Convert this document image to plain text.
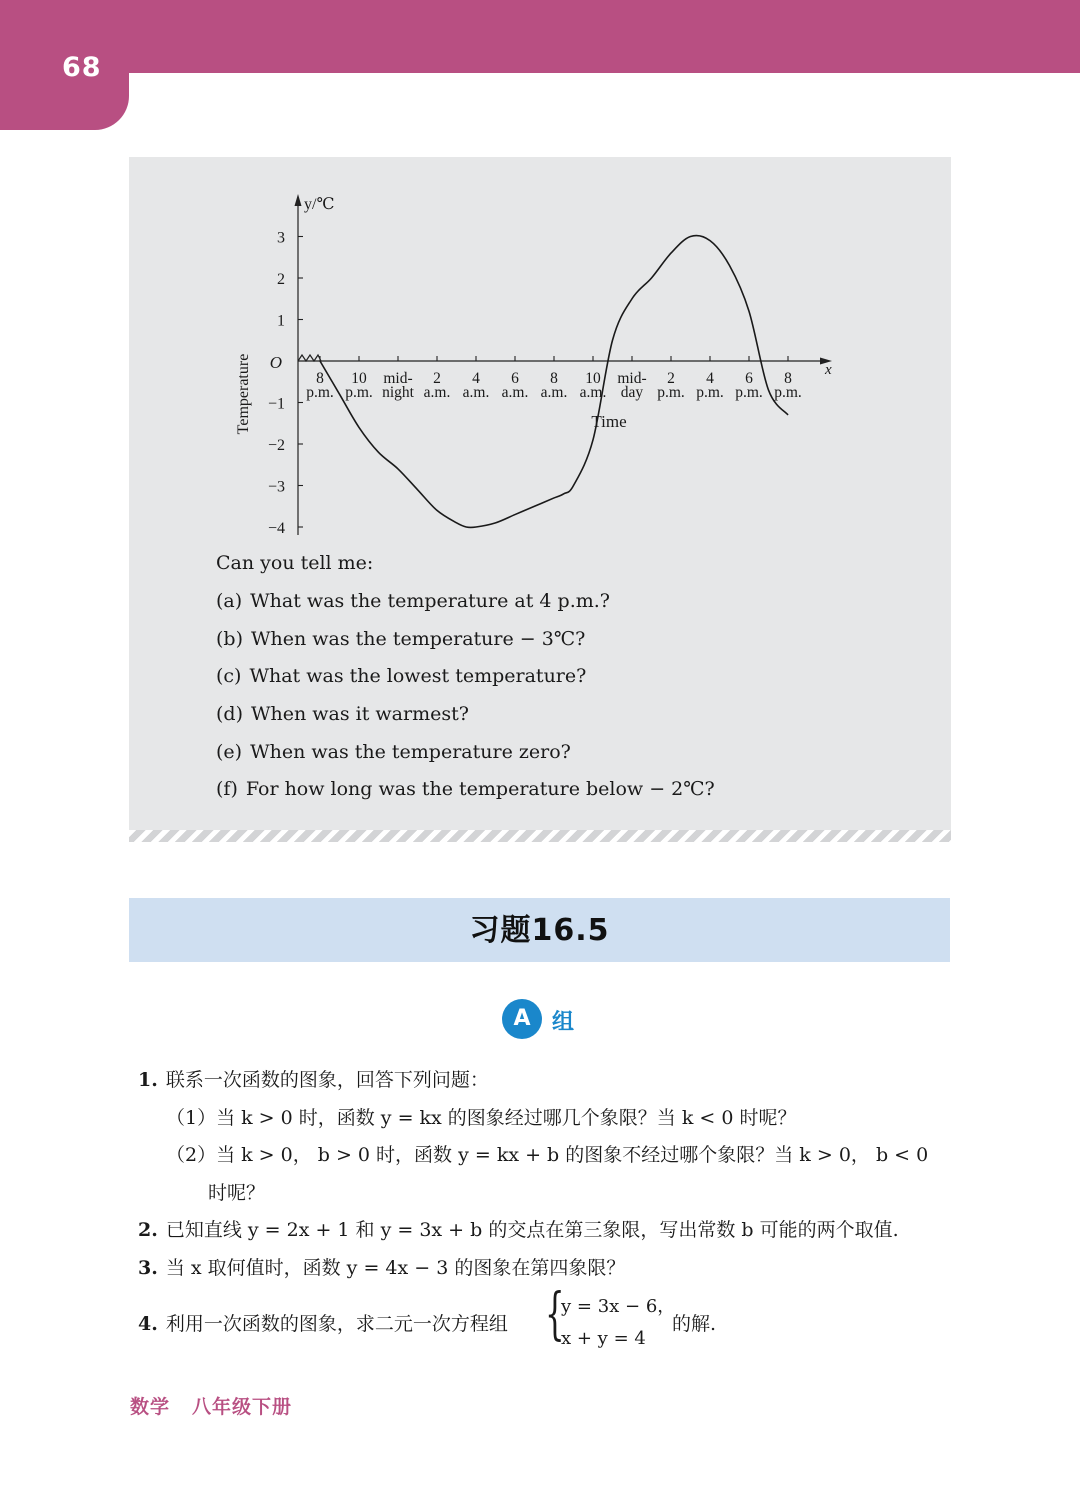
68
3
2
1
−1
−2
−3
−4
O
y/℃
x
Temperature	Time
8
p.m.
10
p.m.
mid-
night
2
a.m.
4
a.m.
6
a.m.
8
a.m.
10
a.m.
mid-
day
2
p.m.
4
p.m.
6
p.m.
8
p.m.
Can you tell me:
(a) What was the temperature at 4 p.m.?
(b) When was the temperature − 3℃?
(c) What was the lowest temperature?
(d) When was it warmest?
(e) When was the temperature zero?
(f) For how long was the temperature below − 2℃?
习题16.5
A 组
1. 联系一次函数的图象，回答下列问题：
（1）当 k > 0 时，函数 y = kx 的图象经过哪几个象限？当 k < 0 时呢？
（2）当 k > 0， b > 0 时，函数 y = kx + b 的图象不经过哪个象限？当 k > 0， b < 0
时呢？
2. 已知直线 y = 2x + 1 和 y = 3x + b 的交点在第三象限，写出常数 b 可能的两个取值.
3. 当 x 取何值时，函数 y = 4x − 3 的图象在第四象限？
4. 利用一次函数的图象，求二元一次方程组 {
y = 3x − 6，
x + y = 4
的解.
数学 八年级下册
